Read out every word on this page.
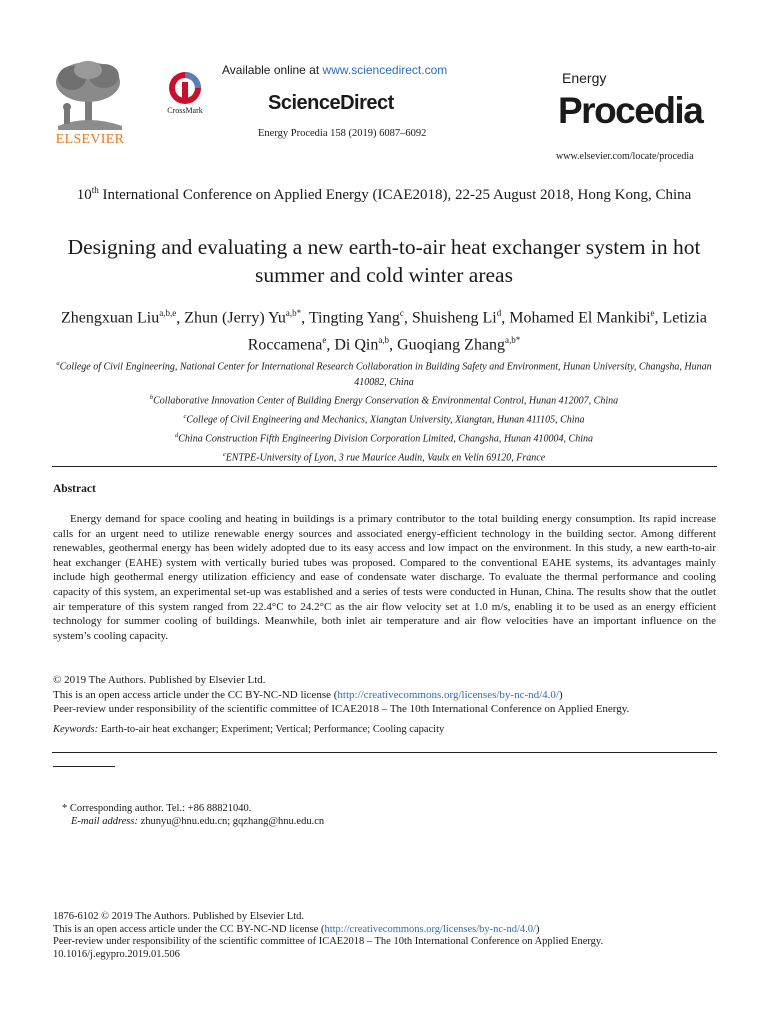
ELSEVIER
CrossMark
Available online at www.sciencedirect.com
ScienceDirect
Energy Procedia 158 (2019) 6087–6092
Energy
Procedia
www.elsevier.com/locate/procedia
10th International Conference on Applied Energy (ICAE2018), 22-25 August 2018, Hong Kong, China
Designing and evaluating a new earth-to-air heat exchanger system in hot summer and cold winter areas
Zhengxuan Liu$^{a,b,e}$, Zhun (Jerry) $Yu^{a,b*}$, Tingting Yang$^c$, Shuisheng Li$^d$, Mohamed El Mankibi$^e$, Letizia Roccamena$^e$, Di Qin$^{a,b}$, Guoqiang Zhang$^{a,b*}$
$^a$College of Civil Engineering, National Center for International Research Collaboration in Building Safety and Environment, Hunan University, Changsha, Hunan 410082, China
$^b$Collaborative Innovation Center of Building Energy Conservation & Environmental Control, Hunan 412007, China
$^c$College of Civil Engineering and Mechanics, Xiangtan University, Xiangtan, Hunan 411105, China
$^d$China Construction Fifth Engineering Division Corporation Limited, Changsha, Hunan 410004, China
$^e$ENTPE-University of Lyon, 3 rue Maurice Audin, Vaulx en Velin 69120, France
Abstract
Energy demand for space cooling and heating in buildings is a primary contributor to the total building energy consumption. Its rapid increase calls for an urgent need to utilize renewable energy sources and associated energy-efficient technology in the building sector. Among different renewables, geothermal energy has been widely adopted due to its easy access and low impact on the environment. In this study, a new earth-to-air heat exchanger (EAHE) system with vertically buried tubes was proposed. Compared to the conventional EAHE systems, its advantages mainly include high geothermal energy utilization efficiency and ease of condensate water discharge. To evaluate the thermal performance and cooling capacity of this system, an experimental set-up was established and a series of tests were conducted in Hunan, China. The results show that the outlet air temperature of this system ranged from 22.4°C to 24.2°C as the air flow velocity set at 1.0 m/s, enabling it to be used as an energy efficient technology for summer cooling of buildings. Meanwhile, both inlet air temperature and air flow velocities have an important influence on the system’s cooling capacity.
© 2019 The Authors. Published by Elsevier Ltd.
This is an open access article under the CC BY-NC-ND license (http://creativecommons.org/licenses/by-nc-nd/4.0/)
Peer-review under responsibility of the scientific committee of ICAE2018 – The 10th International Conference on Applied Energy.
Keywords: Earth-to-air heat exchanger; Experiment; Vertical; Performance; Cooling capacity
* Corresponding author. Tel.: +86 88821040.
E-mail address: zhunyu@hnu.edu.cn; gqzhang@hnu.edu.cn
1876-6102 © 2019 The Authors. Published by Elsevier Ltd.
This is an open access article under the CC BY-NC-ND license (http://creativecommons.org/licenses/by-nc-nd/4.0/)
Peer-review under responsibility of the scientific committee of ICAE2018 – The 10th International Conference on Applied Energy.
10.1016/j.egypro.2019.01.506
